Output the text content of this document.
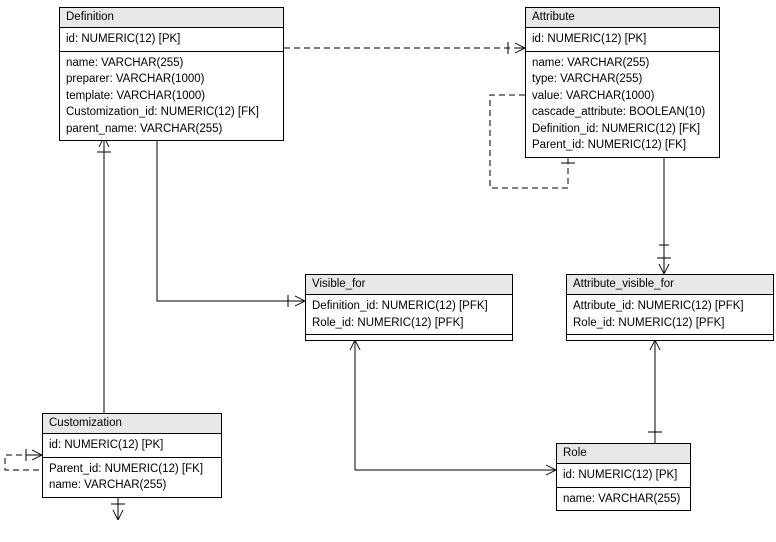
Definition
id: NUMERIC(12) [PK]
name: VARCHAR(255)
preparer: VARCHAR(1000)
template: VARCHAR(1000)
Customization_id: NUMERIC(12) [FK]
parent_name: VARCHAR(255)
Attribute
id: NUMERIC(12) [PK]
name: VARCHAR(255)
type: VARCHAR(255)
value: VARCHAR(1000)
cascade_attribute: BOOLEAN(10)
Definition_id: NUMERIC(12) [FK]
Parent_id: NUMERIC(12) [FK]
Visible_for
Definition_id: NUMERIC(12) [PFK]
Role_id: NUMERIC(12) [PFK]
Attribute_visible_for
Attribute_id: NUMERIC(12) [PFK]
Role_id: NUMERIC(12) [PFK]
Customization
id: NUMERIC(12) [PK]
Parent_id: NUMERIC(12) [FK]
name: VARCHAR(255)
Role
id: NUMERIC(12) [PK]
name: VARCHAR(255)
